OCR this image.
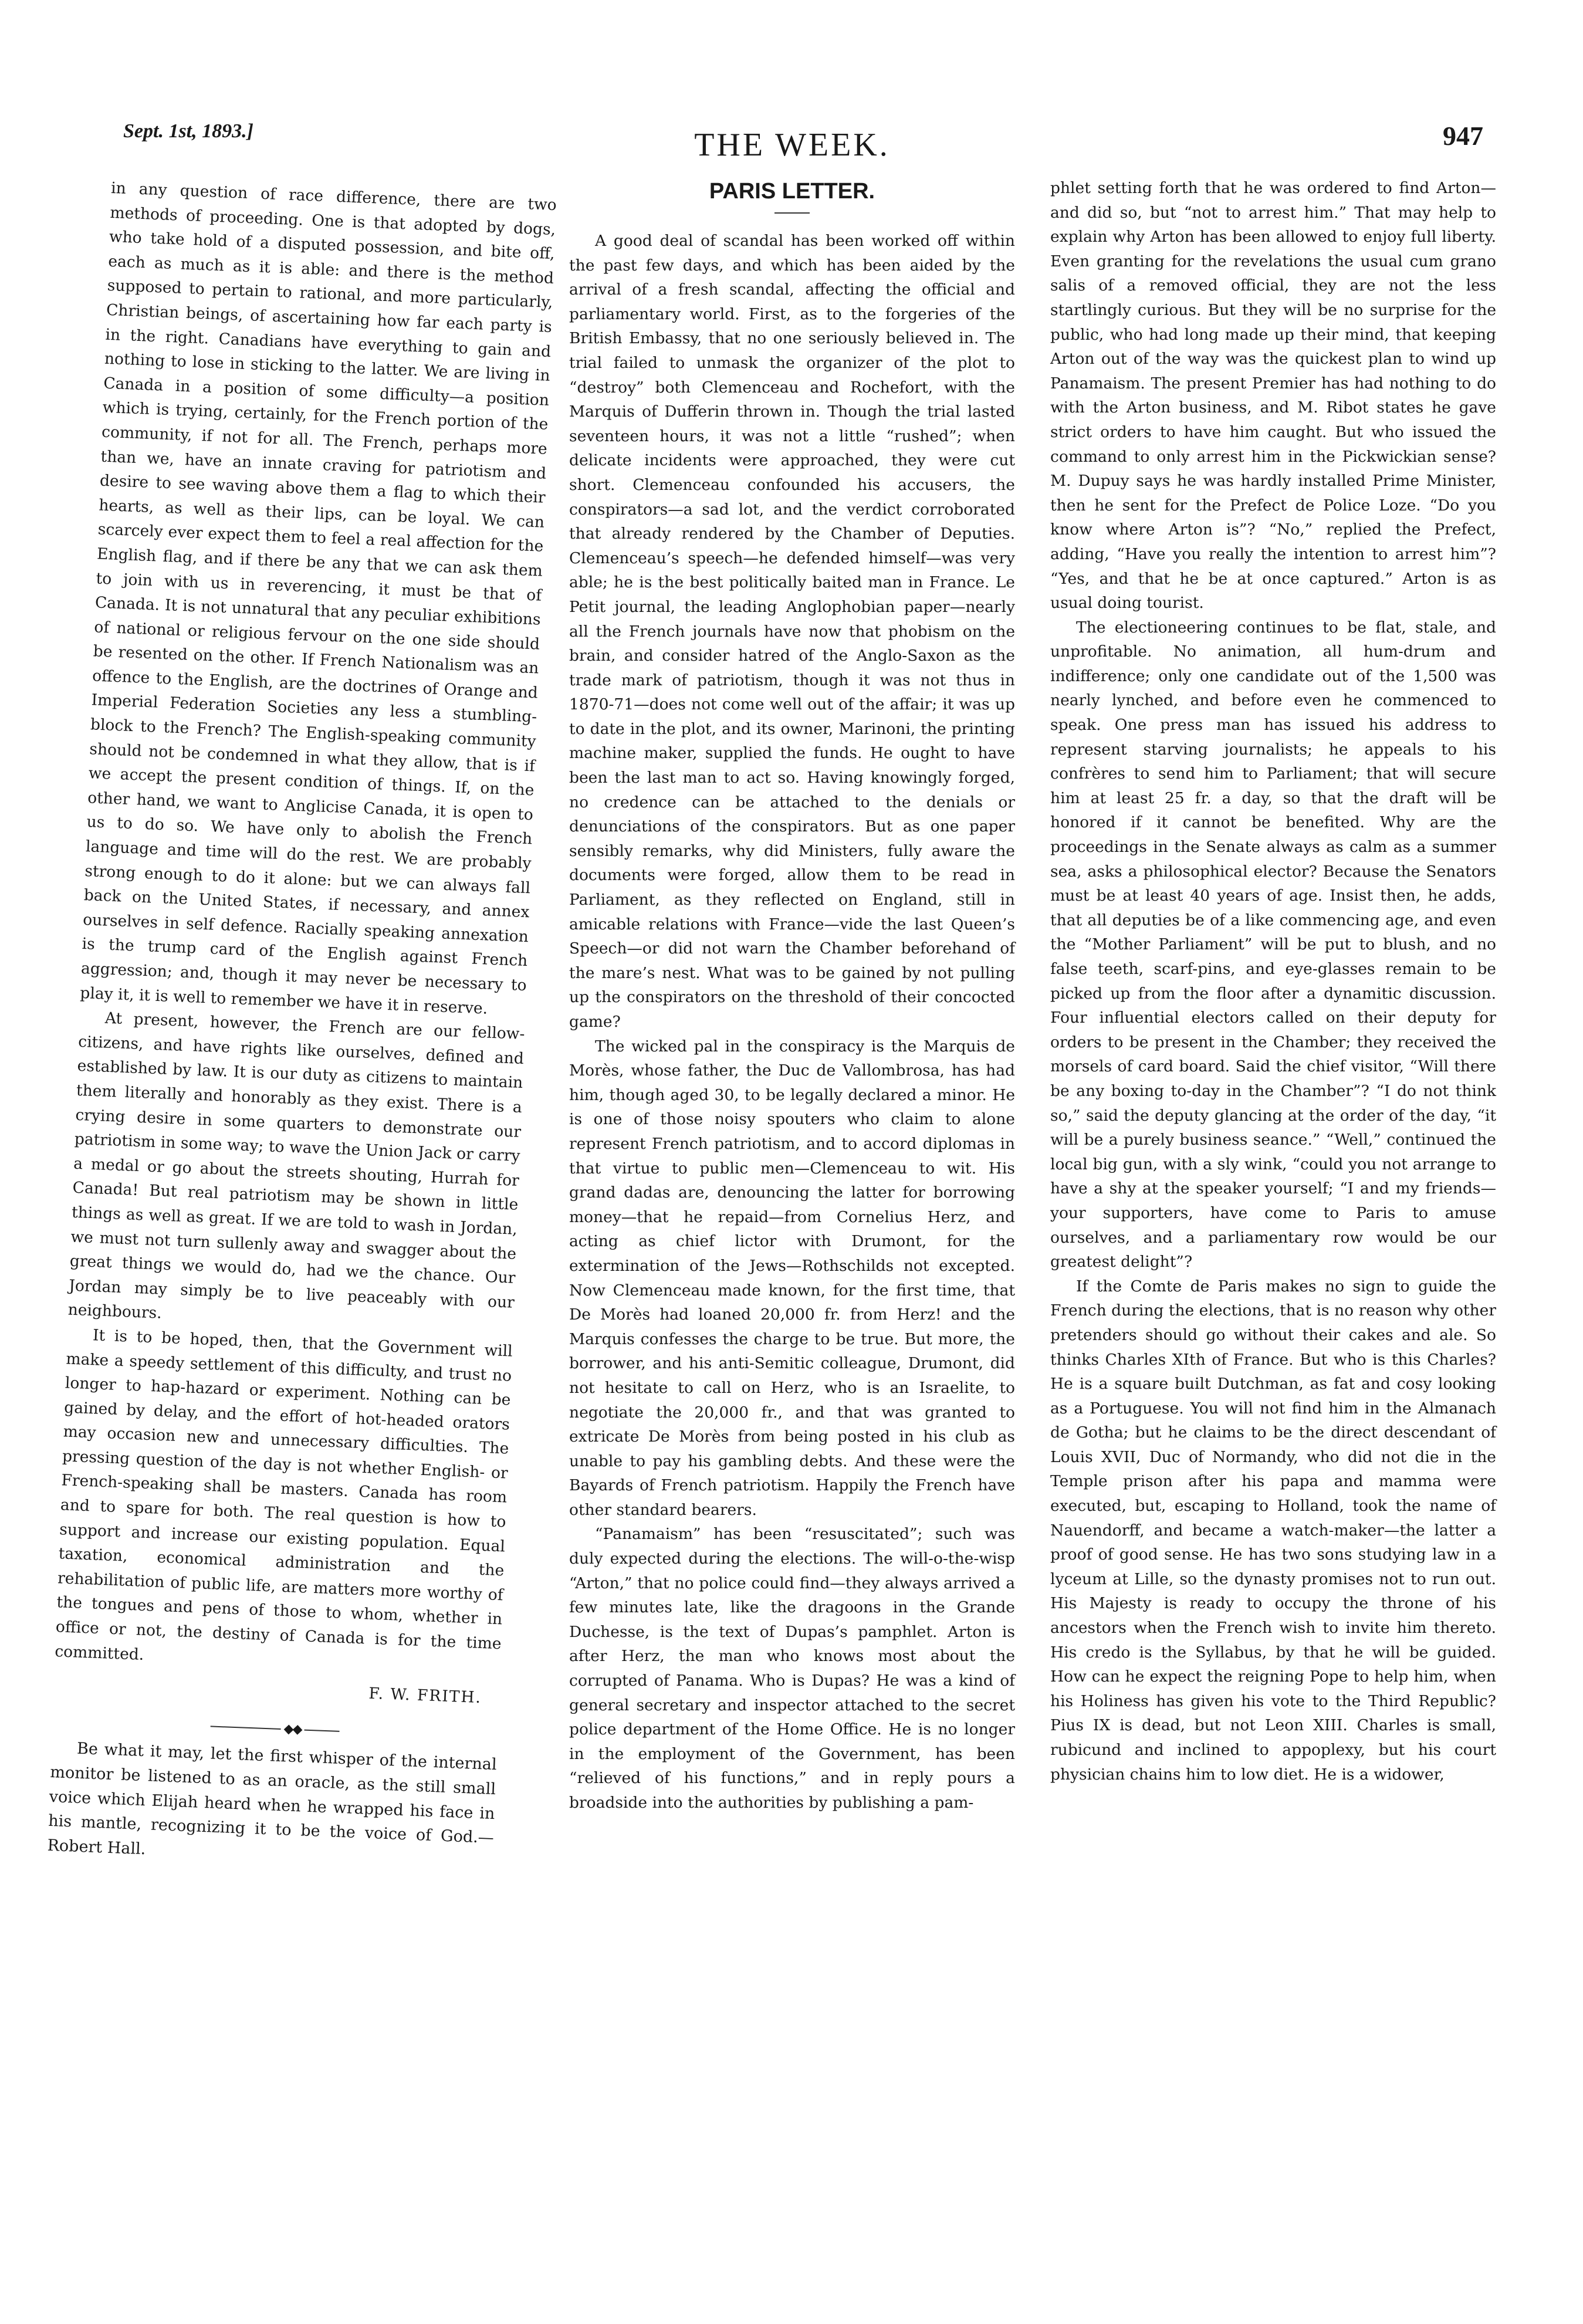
Sept. 1st, 1893.]	THE WEEK.	947

in any question of race difference, there are two methods of proceeding. One is that adopted by dogs, who take hold of a disputed possession, and bite off, each as much as it is able: and there is the method supposed to pertain to rational, and more particularly, Christian beings, of ascertaining how far each party is in the right. Canadians have everything to gain and nothing to lose in sticking to the latter. We are living in Canada in a position of some difficulty—a position which is trying, certainly, for the French portion of the community, if not for all. The French, perhaps more than we, have an innate craving for patriotism and desire to see waving above them a flag to which their hearts, as well as their lips, can be loyal. We can scarcely ever expect them to feel a real affection for the English flag, and if there be any that we can ask them to join with us in reverencing, it must be that of Canada. It is not unnatural that any peculiar exhibitions of national or religious fervour on the one side should be resented on the other. If French Nationalism was an offence to the English, are the doctrines of Orange and Imperial Federation Societies any less a stumbling-block to the French? The English-speaking community should not be condemned in what they allow, that is if we accept the present condition of things. If, on the other hand, we want to Anglicise Canada, it is open to us to do so. We have only to abolish the French language and time will do the rest. We are probably strong enough to do it alone: but we can always fall back on the United States, if necessary, and annex ourselves in self defence. Racially speaking annexation is the trump card of the English against French aggression; and, though it may never be necessary to play it, it is well to remember we have it in reserve.

At present, however, the French are our fellow-citizens, and have rights like ourselves, defined and established by law. It is our duty as citizens to maintain them literally and honorably as they exist. There is a crying desire in some quarters to demonstrate our patriotism in some way; to wave the Union Jack or carry a medal or go about the streets shouting, Hurrah for Canada! But real patriotism may be shown in little things as well as great. If we are told to wash in Jordan, we must not turn sullenly away and swagger about the great things we would do, had we the chance. Our Jordan may simply be to live peaceably with our neighbours.

It is to be hoped, then, that the Government will make a speedy settlement of this difficulty, and trust no longer to hap-hazard or experiment. Nothing can be gained by delay, and the effort of hot-headed orators may occasion new and unnecessary difficulties. The pressing question of the day is not whether English- or French-speaking shall be masters. Canada has room and to spare for both. The real question is how to support and increase our existing population. Equal taxation, economical administration and the rehabilitation of public life, are matters more worthy of the tongues and pens of those to whom, whether in office or not, the destiny of Canada is for the time committed.

F. W. FRITH.
◆◆

Be what it may, let the first whisper of the internal monitor be listened to as an oracle, as the still small voice which Elijah heard when he wrapped his face in his mantle, recognizing it to be the voice of God.—Robert Hall.

PARIS LETTER.

A good deal of scandal has been worked off within the past few days, and which has been aided by the arrival of a fresh scandal, affecting the official and parliamentary world. First, as to the forgeries of the British Embassy, that no one seriously believed in. The trial failed to unmask the organizer of the plot to “destroy” both Clemenceau and Rochefort, with the Marquis of Dufferin thrown in. Though the trial lasted seventeen hours, it was not a little “rushed”; when delicate incidents were approached, they were cut short. Clemenceau confounded his accusers, the conspirators—a sad lot, and the verdict corroborated that already rendered by the Chamber of Deputies. Clemenceau’s speech—he defended himself—was very able; he is the best politically baited man in France. Le Petit journal, the leading Anglophobian paper—nearly all the French journals have now that phobism on the brain, and consider hatred of the Anglo-Saxon as the trade mark of patriotism, though it was not thus in 1870-71—does not come well out of the affair; it was up to date in the plot, and its owner, Marinoni, the printing machine maker, supplied the funds. He ought to have been the last man to act so. Having knowingly forged, no credence can be attached to the denials or denunciations of the conspirators. But as one paper sensibly remarks, why did Ministers, fully aware the documents were forged, allow them to be read in Parliament, as they reflected on England, still in amicable relations with France—vide the last Queen’s Speech—or did not warn the Chamber beforehand of the mare’s nest. What was to be gained by not pulling up the conspirators on the threshold of their concocted game?

The wicked pal in the conspiracy is the Marquis de Morès, whose father, the Duc de Vallombrosa, has had him, though aged 30, to be legally declared a minor. He is one of those noisy spouters who claim to alone represent French patriotism, and to accord diplomas in that virtue to public men—Clemenceau to wit. His grand dadas are, denouncing the latter for borrowing money—that he repaid—from Cornelius Herz, and acting as chief lictor with Drumont, for the extermination of the Jews—Rothschilds not excepted. Now Clemenceau made known, for the first time, that De Morès had loaned 20,000 fr. from Herz! and the Marquis confesses the charge to be true. But more, the borrower, and his anti-Semitic colleague, Drumont, did not hesitate to call on Herz, who is an Israelite, to negotiate the 20,000 fr., and that was granted to extricate De Morès from being posted in his club as unable to pay his gambling debts. And these were the Bayards of French patriotism. Happily the French have other standard bearers.

“Panamaism” has been “resuscitated”; such was duly expected during the elections. The will-o-the-wisp “Arton,” that no police could find—they always arrived a few minutes late, like the dragoons in the Grande Duchesse, is the text of Dupas’s pamphlet. Arton is after Herz, the man who knows most about the corrupted of Panama. Who is Dupas? He was a kind of general secretary and inspector attached to the secret police department of the Home Office. He is no longer in the employment of the Government, has been “relieved of his functions,” and in reply pours a broadside into the authorities by publishing a pam-

phlet setting forth that he was ordered to find Arton—and did so, but “not to arrest him.” That may help to explain why Arton has been allowed to enjoy full liberty. Even granting for the revelations the usual cum grano salis of a removed official, they are not the less startlingly curious. But they will be no surprise for the public, who had long made up their mind, that keeping Arton out of the way was the quickest plan to wind up Panamaism. The present Premier has had nothing to do with the Arton business, and M. Ribot states he gave strict orders to have him caught. But who issued the command to only arrest him in the Pickwickian sense? M. Dupuy says he was hardly installed Prime Minister, then he sent for the Prefect de Police Loze. “Do you know where Arton is”? “No,” replied the Prefect, adding, “Have you really the intention to arrest him”? “Yes, and that he be at once captured.” Arton is as usual doing tourist.

The electioneering continues to be flat, stale, and unprofitable. No animation, all hum-drum and indifference; only one candidate out of the 1,500 was nearly lynched, and before even he commenced to speak. One press man has issued his address to represent starving journalists; he appeals to his confrères to send him to Parliament; that will secure him at least 25 fr. a day, so that the draft will be honored if it cannot be benefited. Why are the proceedings in the Senate always as calm as a summer sea, asks a philosophical elector? Because the Senators must be at least 40 years of age. Insist then, he adds, that all deputies be of a like commencing age, and even the “Mother Parliament” will be put to blush, and no false teeth, scarf-pins, and eye-glasses remain to be picked up from the floor after a dynamitic discussion. Four influential electors called on their deputy for orders to be present in the Chamber; they received the morsels of card board. Said the chief visitor, “Will there be any boxing to-day in the Chamber”? “I do not think so,” said the deputy glancing at the order of the day, “it will be a purely business seance.” “Well,” continued the local big gun, with a sly wink, “could you not arrange to have a shy at the speaker yourself; “I and my friends—your supporters, have come to Paris to amuse ourselves, and a parliamentary row would be our greatest delight”?

If the Comte de Paris makes no sign to guide the French during the elections, that is no reason why other pretenders should go without their cakes and ale. So thinks Charles XIth of France. But who is this Charles? He is a square built Dutchman, as fat and cosy looking as a Portuguese. You will not find him in the Almanach de Gotha; but he claims to be the direct descendant of Louis XVII, Duc of Normandy, who did not die in the Temple prison after his papa and mamma were executed, but, escaping to Holland, took the name of Nauendorff, and became a watch-maker—the latter a proof of good sense. He has two sons studying law in a lyceum at Lille, so the dynasty promises not to run out. His Majesty is ready to occupy the throne of his ancestors when the French wish to invite him thereto. His credo is the Syllabus, by that he will be guided. How can he expect the reigning Pope to help him, when his Holiness has given his vote to the Third Republic? Pius IX is dead, but not Leon XIII. Charles is small, rubicund and inclined to appoplexy, but his court physician chains him to low diet. He is a widower,
